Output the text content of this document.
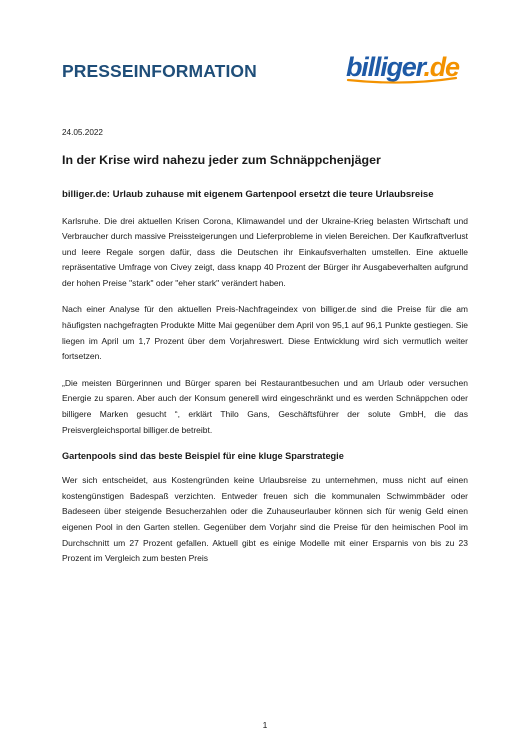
PRESSEINFORMATION	billiger.de

24.05.2022

In der Krise wird nahezu jeder zum Schnäppchenjäger

billiger.de: Urlaub zuhause mit eigenem Gartenpool ersetzt die teure Urlaubsreise

Karlsruhe. Die drei aktuellen Krisen Corona, Klimawandel und der Ukraine-Krieg belasten Wirtschaft und Verbraucher durch massive Preissteigerungen und Lieferprobleme in vielen Bereichen. Der Kaufkraftverlust und leere Regale sorgen dafür, dass die Deutschen ihr Einkaufsverhalten umstellen. Eine aktuelle repräsentative Umfrage von Civey zeigt, dass knapp 40 Prozent der Bürger ihr Ausgabeverhalten aufgrund der hohen Preise "stark" oder "eher stark" verändert haben.

Nach einer Analyse für den aktuellen Preis-Nachfrageindex von billiger.de sind die Preise für die am häufigsten nachgefragten Produkte Mitte Mai gegenüber dem April von 95,1 auf 96,1 Punkte gestiegen. Sie liegen im April um 1,7 Prozent über dem Vorjahreswert. Diese Entwicklung wird sich vermutlich weiter fortsetzen.

„Die meisten Bürgerinnen und Bürger sparen bei Restaurantbesuchen und am Urlaub oder versuchen Energie zu sparen. Aber auch der Konsum generell wird eingeschränkt und es werden Schnäppchen oder billigere Marken gesucht “, erklärt Thilo Gans, Geschäftsführer der solute GmbH, die das Preisvergleichsportal billiger.de betreibt.

Gartenpools sind das beste Beispiel für eine kluge Sparstrategie

Wer sich entscheidet, aus Kostengründen keine Urlaubsreise zu unternehmen, muss nicht auf einen kostengünstigen Badespaß verzichten. Entweder freuen sich die kommunalen Schwimmbäder oder Badeseen über steigende Besucherzahlen oder die Zuhauseurlauber können sich für wenig Geld einen eigenen Pool in den Garten stellen. Gegenüber dem Vorjahr sind die Preise für den heimischen Pool im Durchschnitt um 27 Prozent gefallen. Aktuell gibt es einige Modelle mit einer Ersparnis von bis zu 23 Prozent im Vergleich zum besten Preis

1
